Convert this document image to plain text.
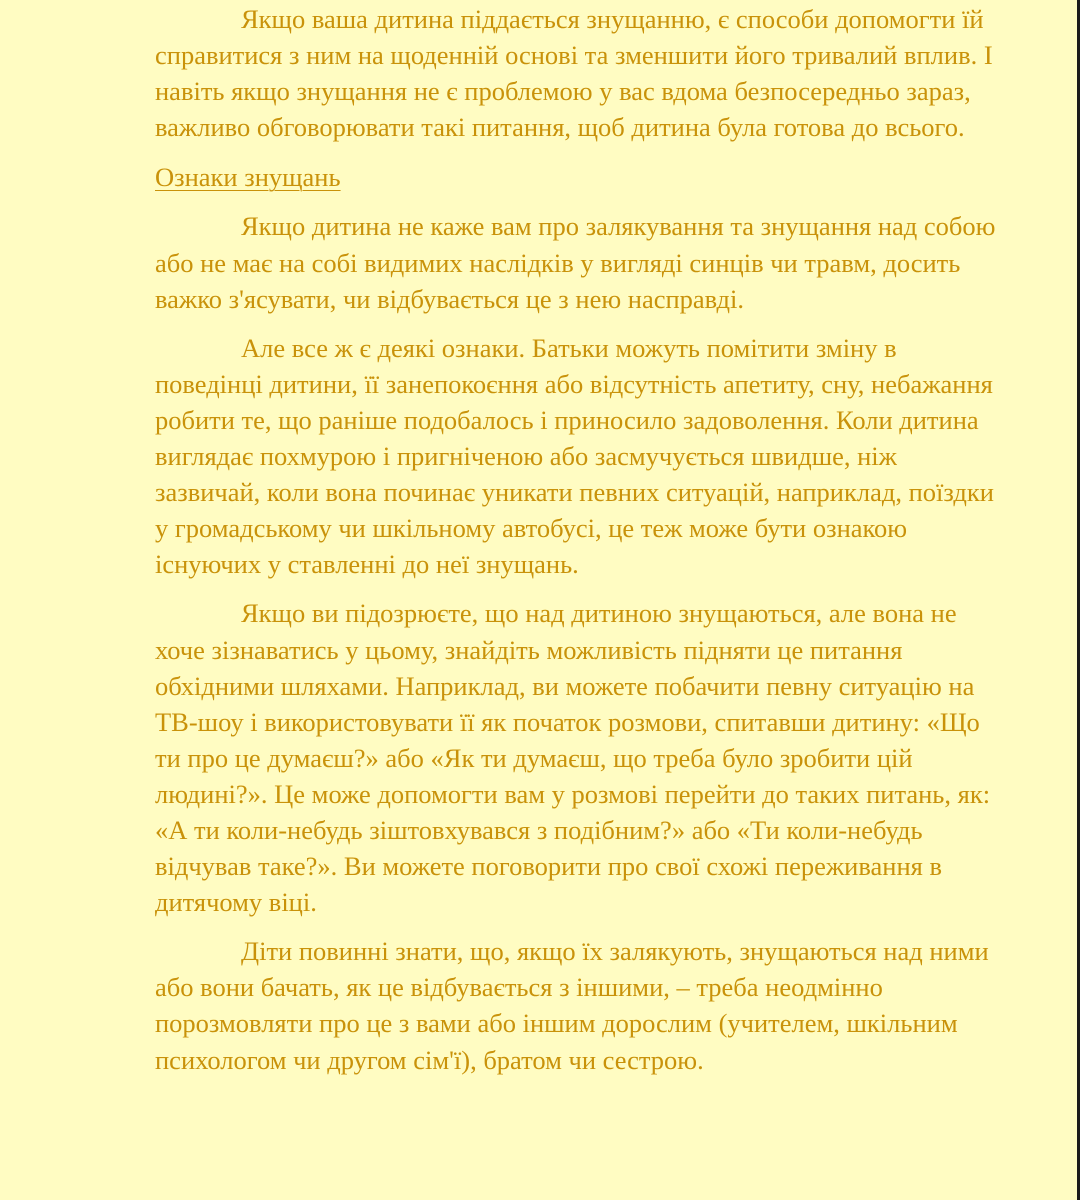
Якщо ваша дитина піддається знущанню, є способи допомогти їй справитися з ним на щоденній основі та зменшити його тривалий вплив. І навіть якщо знущання не є проблемою у вас вдома безпосередньо зараз, важливо обговорювати такі питання, щоб дитина була готова до всього.

Ознаки знущань

Якщо дитина не каже вам про залякування та знущання над собою або не має на собі видимих наслідків у вигляді синців чи травм, досить важко з'ясувати, чи відбувається це з нею насправді.

Але все ж є деякі ознаки. Батьки можуть помітити зміну в поведінці дитини, її занепокоєння або відсутність апетиту, сну, небажання робити те, що раніше подобалось і приносило задоволення. Коли дитина виглядає похмурою і пригніченою або засмучується швидше, ніж зазвичай, коли вона починає уникати певних ситуацій, наприклад, поїздки у громадському чи шкільному автобусі, це теж може бути ознакою існуючих у ставленні до неї знущань.

Якщо ви підозрюєте, що над дитиною знущаються, але вона не хоче зізнаватись у цьому, знайдіть можливість підняти це питання обхідними шляхами. Наприклад, ви можете побачити певну ситуацію на ТВ-шоу і використовувати її як початок розмови, спитавши дитину: «Що ти про це думаєш?» або «Як ти думаєш, що треба було зробити цій людині?». Це може допомогти вам у розмові перейти до таких питань, як: «А ти коли-небудь зіштовхувався з подібним?» або «Ти коли-небудь відчував таке?». Ви можете поговорити про свої схожі переживання в дитячому віці.

Діти повинні знати, що, якщо їх залякують, знущаються над ними або вони бачать, як це відбувається з іншими, – треба неодмінно порозмовляти про це з вами або іншим дорослим (учителем, шкільним психологом чи другом сім'ї), братом чи сестрою.
